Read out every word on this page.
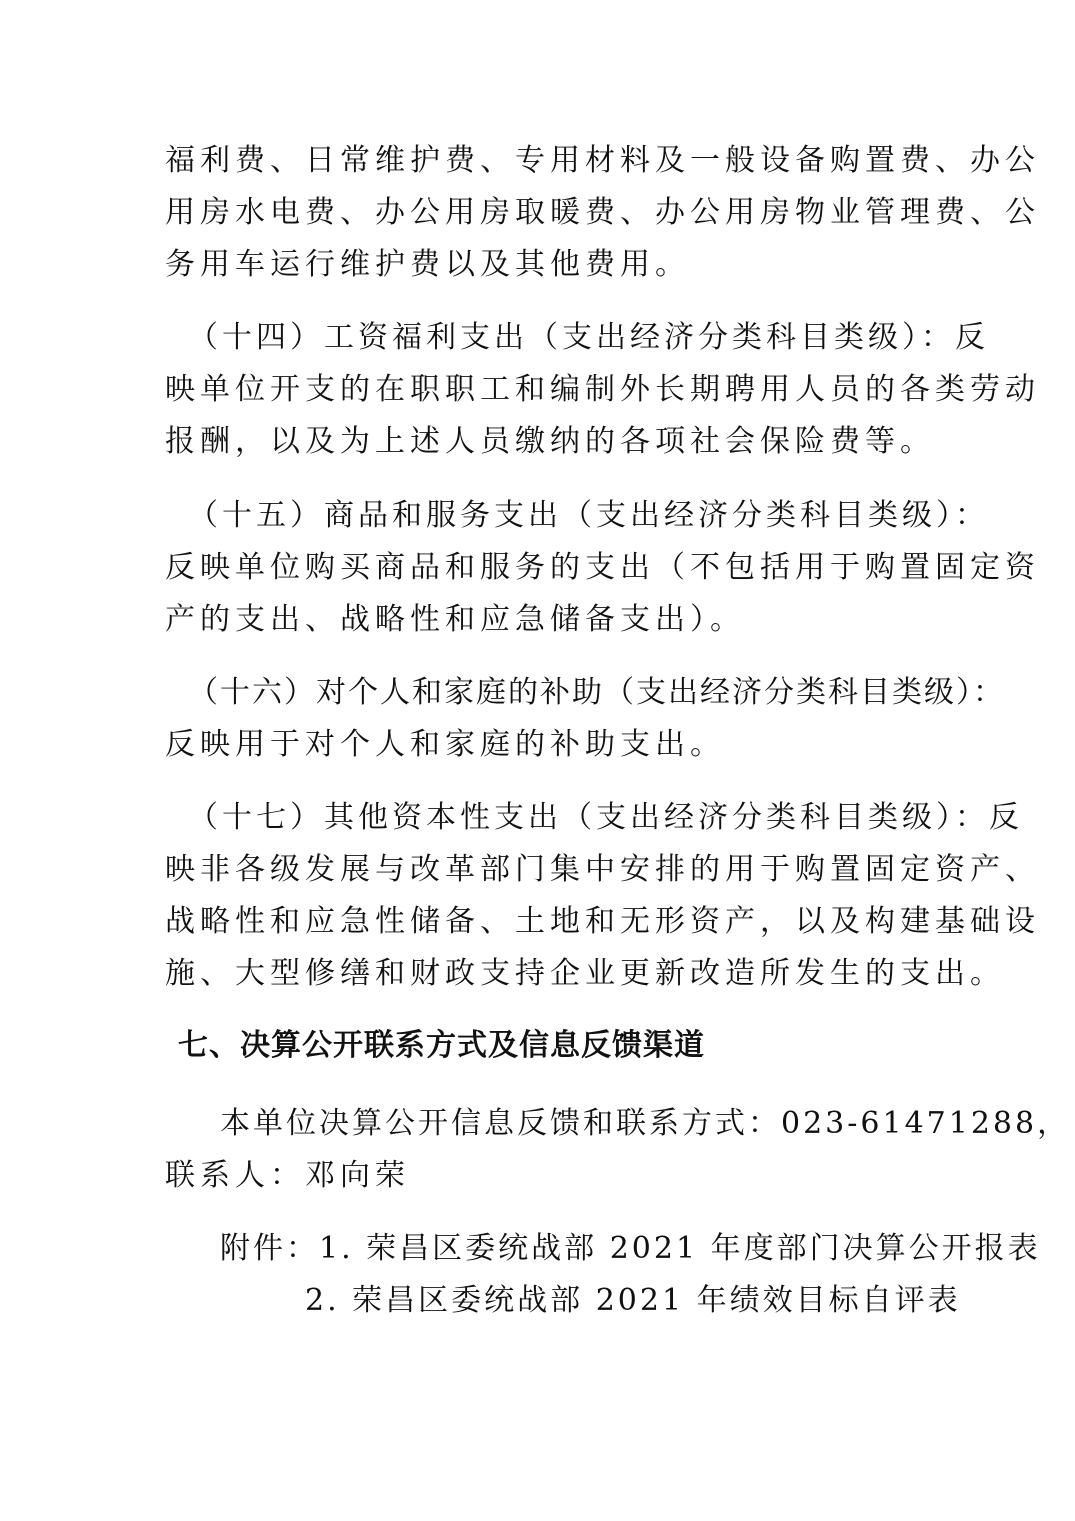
福利费、日常维护费、专用材料及一般设备购置费、办公

用房水电费、办公用房取暖费、办公用房物业管理费、公

务用车运行维护费以及其他费用。

（十四）工资福利支出（支出经济分类科目类级）：反

映单位开支的在职职工和编制外长期聘用人员的各类劳动

报酬，以及为上述人员缴纳的各项社会保险费等。

（十五）商品和服务支出（支出经济分类科目类级）：

反映单位购买商品和服务的支出（不包括用于购置固定资

产的支出、战略性和应急储备支出）。

（十六）对个人和家庭的补助（支出经济分类科目类级）：

反映用于对个人和家庭的补助支出。

（十七）其他资本性支出（支出经济分类科目类级）：反

映非各级发展与改革部门集中安排的用于购置固定资产、

战略性和应急性储备、土地和无形资产，以及构建基础设

施、大型修缮和财政支持企业更新改造所发生的支出。

七、决算公开联系方式及信息反馈渠道

本单位决算公开信息反馈和联系方式：023-61471288，

联系人：邓向荣

附件：1. 荣昌区委统战部 2021 年度部门决算公开报表

2. 荣昌区委统战部 2021 年绩效目标自评表
